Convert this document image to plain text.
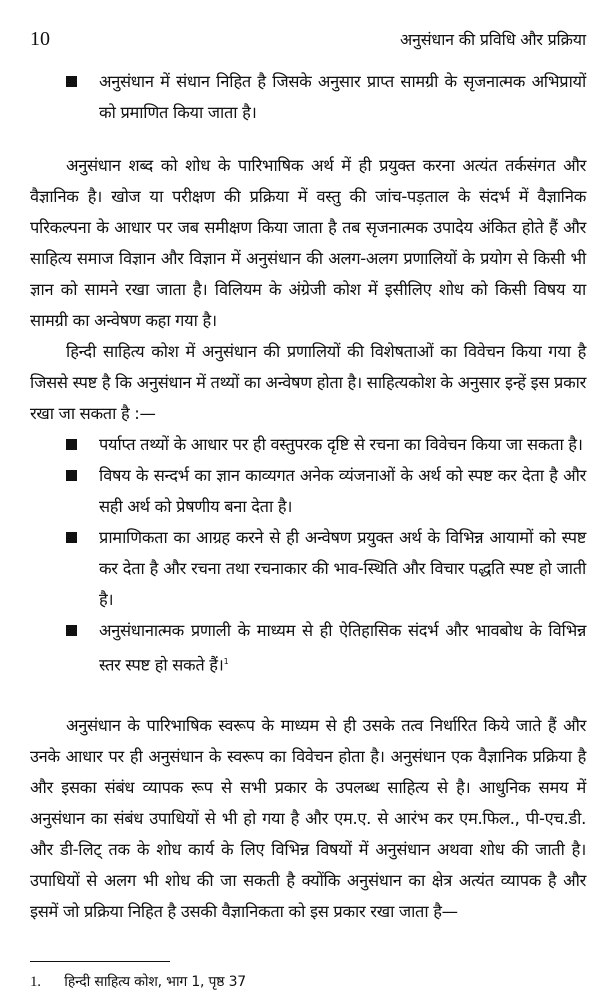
10	अनुसंधान की प्रविधि और प्रक्रिया
अनुसंधान में संधान निहित है जिसके अनुसार प्राप्त सामग्री के सृजनात्मक अभिप्रायों को प्रमाणित किया जाता है।

अनुसंधान शब्द को शोध के पारिभाषिक अर्थ में ही प्रयुक्त करना अत्यंत तर्कसंगत और वैज्ञानिक है। खोज या परीक्षण की प्रक्रिया में वस्तु की जांच-पड़ताल के संदर्भ में वैज्ञानिक परिकल्पना के आधार पर जब समीक्षण किया जाता है तब सृजनात्मक उपादेय अंकित होते हैं और साहित्य समाज विज्ञान और विज्ञान में अनुसंधान की अलग-अलग प्रणालियों के प्रयोग से किसी भी ज्ञान को सामने रखा जाता है। विलियम के अंग्रेजी कोश में इसीलिए शोध को किसी विषय या सामग्री का अन्वेषण कहा गया है।

हिन्दी साहित्य कोश में अनुसंधान की प्रणालियों की विशेषताओं का विवेचन किया गया है जिससे स्पष्ट है कि अनुसंधान में तथ्यों का अन्वेषण होता है। साहित्यकोश के अनुसार इन्हें इस प्रकार रखा जा सकता है :—

पर्याप्त तथ्यों के आधार पर ही वस्तुपरक दृष्टि से रचना का विवेचन किया जा सकता है।
विषय के सन्दर्भ का ज्ञान काव्यगत अनेक व्यंजनाओं के अर्थ को स्पष्ट कर देता है और सही अर्थ को प्रेषणीय बना देता है।
प्रामाणिकता का आग्रह करने से ही अन्वेषण प्रयुक्त अर्थ के विभिन्न आयामों को स्पष्ट कर देता है और रचना तथा रचनाकार की भाव-स्थिति और विचार पद्धति स्पष्ट हो जाती है।
अनुसंधानात्मक प्रणाली के माध्यम से ही ऐतिहासिक संदर्भ और भावबोध के विभिन्न स्तर स्पष्ट हो सकते हैं।$^1$

अनुसंधान के पारिभाषिक स्वरूप के माध्यम से ही उसके तत्व निर्धारित किये जाते हैं और उनके आधार पर ही अनुसंधान के स्वरूप का विवेचन होता है। अनुसंधान एक वैज्ञानिक प्रक्रिया है और इसका संबंध व्यापक रूप से सभी प्रकार के उपलब्ध साहित्य से है। आधुनिक समय में अनुसंधान का संबंध उपाधियों से भी हो गया है और एम.ए. से आरंभ कर एम.फिल., पी-एच.डी. और डी-लिट् तक के शोध कार्य के लिए विभिन्न विषयों में अनुसंधान अथवा शोध की जाती है। उपाधियों से अलग भी शोध की जा सकती है क्योंकि अनुसंधान का क्षेत्र अत्यंत व्यापक है और इसमें जो प्रक्रिया निहित है उसकी वैज्ञानिकता को इस प्रकार रखा जाता है—

1. हिन्दी साहित्य कोश, भाग 1, पृष्ठ 37
